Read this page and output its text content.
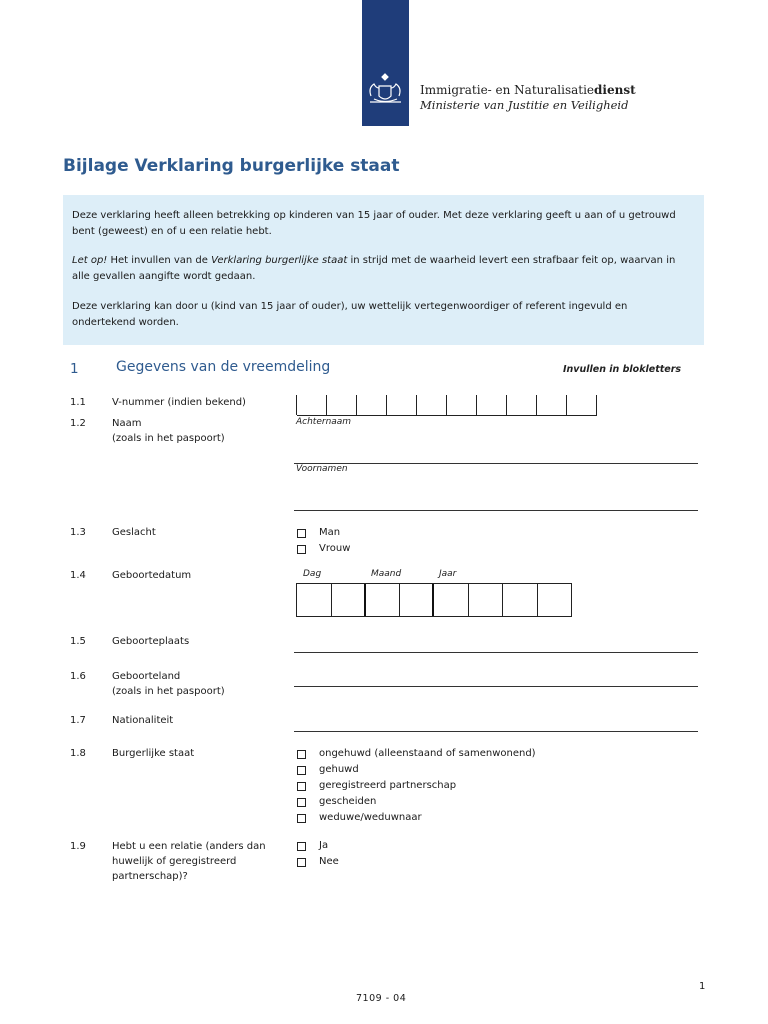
Immigratie- en Naturalisatiedienst
Ministerie van Justitie en Veiligheid
Bijlage Verklaring burgerlijke staat

Deze verklaring heeft alleen betrekking op kinderen van 15 jaar of ouder. Met deze verklaring geeft u aan of u getrouwd bent (geweest) en of u een relatie hebt.

Let op! Het invullen van de Verklaring burgerlijke staat in strijd met de waarheid levert een strafbaar feit op, waarvan in alle gevallen aangifte wordt gedaan.

Deze verklaring kan door u (kind van 15 jaar of ouder), uw wettelijk vertegenwoordiger of referent ingevuld en ondertekend worden.

1	Gegevens van de vreemdeling	Invullen in blokletters
1.1	V-nummer (indien bekend)
1.2	Naam
(zoals in het paspoort)
Achternaam
Voornamen
1.3	Geslacht	Man
Vrouw
1.4	Geboortedatum	Dag	Maand	Jaar
1.5	Geboorteplaats
1.6	Geboorteland
(zoals in het paspoort)
1.7	Nationaliteit
1.8	Burgerlijke staat	ongehuwd (alleenstaand of samenwonend)
gehuwd
geregistreerd partnerschap
gescheiden
weduwe/weduwnaar
1.9	Hebt u een relatie (anders dan huwelijk of geregistreerd partnerschap)?
Ja
Nee
1
7109 - 04
